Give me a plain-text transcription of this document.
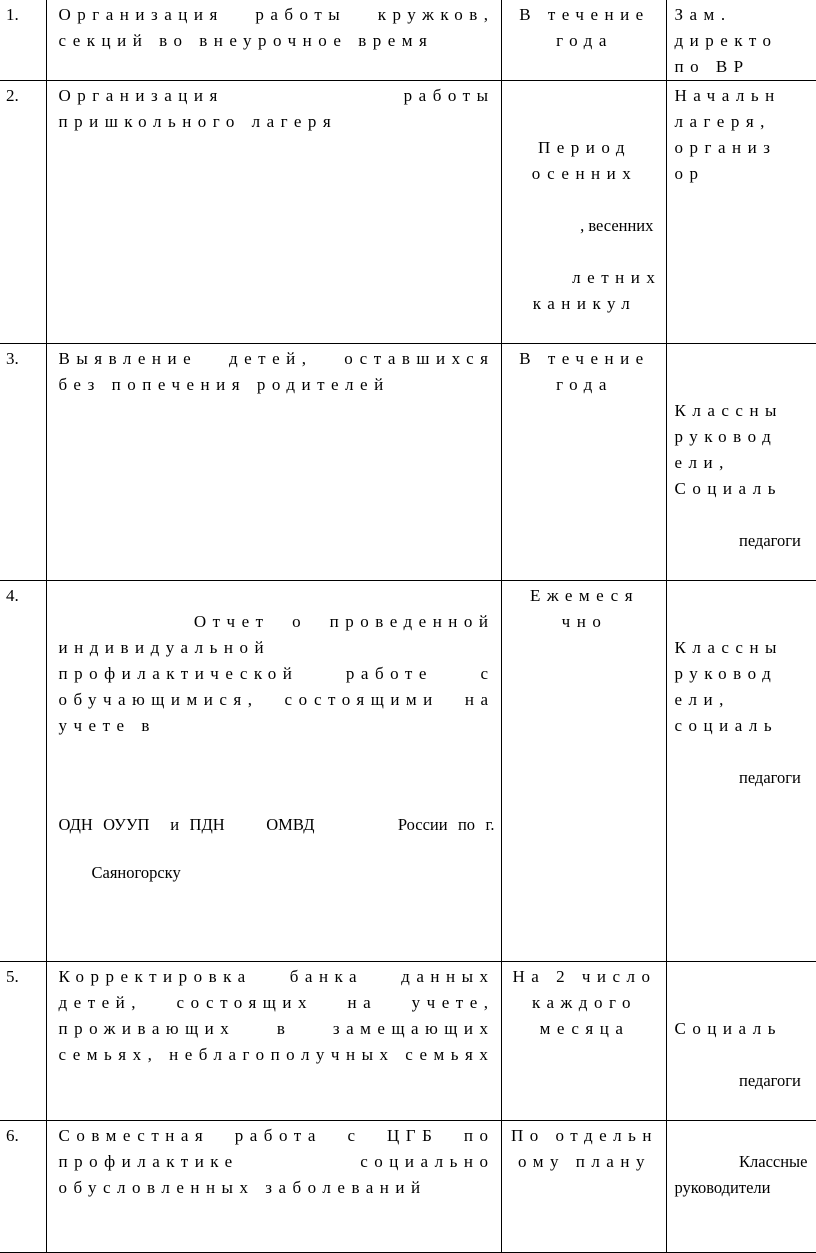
1.	Организация работы кружков, секций во внеурочное время	В течение года	Зам. директо по ВР
2.	Организация работы пришкольного лагеря	Период осенних

, весенних

летних каникул	Начальн лагеря, организ ор
3.	Выявление детей, оставшихся без попечения родителей	В течение года	Классны руковод ели, Социаль

педагоги

4.	Отчет о проведенной индивидуальной профилактической работе с обучающимися, состоящими на учете в

ОДН ОУУП  и ПДН    ОМВД России по г.

Саяногорску	Ежемеся чно	Классны руковод ели, социаль

педагоги

5.	Корректировка банка данных детей, состоящих на учете, проживающих в замещающих семьях, неблагополучных семьях	На 2 число каждого месяца	Социаль

педагоги

6.	Совместная работа с ЦГБ по профилактике социально обусловленных заболеваний	По отдельн ому плану	Классные руководители
